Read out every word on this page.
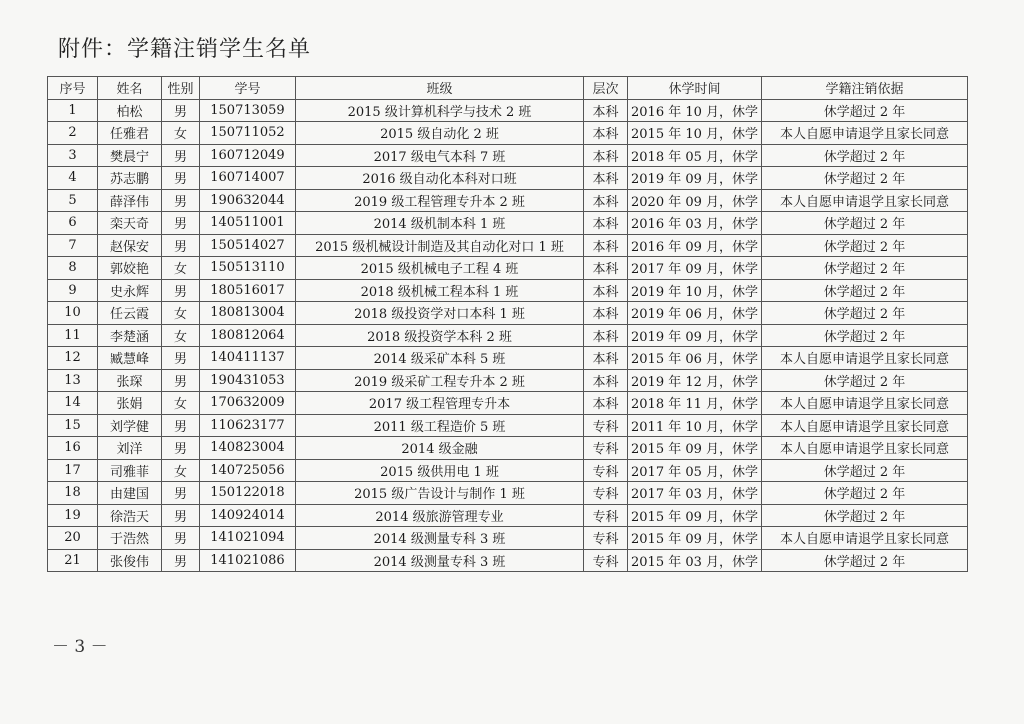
附件：学籍注销学生名单
序号	姓名	性别	学号	班级	层次	休学时间	学籍注销依据
1	柏松	男	150713059	2015 级计算机科学与技术 2 班	本科	2016 年 10 月，休学	休学超过 2 年
2	任雅君	女	150711052	2015 级自动化 2 班	本科	2015 年 10 月，休学	本人自愿申请退学且家长同意
3	樊晨宁	男	160712049	2017 级电气本科 7 班	本科	2018 年 05 月，休学	休学超过 2 年
4	苏志鹏	男	160714007	2016 级自动化本科对口班	本科	2019 年 09 月，休学	休学超过 2 年
5	薛泽伟	男	190632044	2019 级工程管理专升本 2 班	本科	2020 年 09 月，休学	本人自愿申请退学且家长同意
6	栾天奇	男	140511001	2014 级机制本科 1 班	本科	2016 年 03 月，休学	休学超过 2 年
7	赵保安	男	150514027	2015 级机械设计制造及其自动化对口 1 班	本科	2016 年 09 月，休学	休学超过 2 年
8	郭姣艳	女	150513110	2015 级机械电子工程 4 班	本科	2017 年 09 月，休学	休学超过 2 年
9	史永辉	男	180516017	2018 级机械工程本科 1 班	本科	2019 年 10 月，休学	休学超过 2 年
10	任云霞	女	180813004	2018 级投资学对口本科 1 班	本科	2019 年 06 月，休学	休学超过 2 年
11	李楚涵	女	180812064	2018 级投资学本科 2 班	本科	2019 年 09 月，休学	休学超过 2 年
12	臧慧峰	男	140411137	2014 级采矿本科 5 班	本科	2015 年 06 月，休学	本人自愿申请退学且家长同意
13	张琛	男	190431053	2019 级采矿工程专升本 2 班	本科	2019 年 12 月，休学	休学超过 2 年
14	张娟	女	170632009	2017 级工程管理专升本	本科	2018 年 11 月，休学	本人自愿申请退学且家长同意
15	刘学健	男	110623177	2011 级工程造价 5 班	专科	2011 年 10 月，休学	本人自愿申请退学且家长同意
16	刘洋	男	140823004	2014 级金融	专科	2015 年 09 月，休学	本人自愿申请退学且家长同意
17	司雅菲	女	140725056	2015 级供用电 1 班	专科	2017 年 05 月，休学	休学超过 2 年
18	由建国	男	150122018	2015 级广告设计与制作 1 班	专科	2017 年 03 月，休学	休学超过 2 年
19	徐浩天	男	140924014	2014 级旅游管理专业	专科	2015 年 09 月，休学	休学超过 2 年
20	于浩然	男	141021094	2014 级测量专科 3 班	专科	2015 年 09 月，休学	本人自愿申请退学且家长同意
21	张俊伟	男	141021086	2014 级测量专科 3 班	专科	2015 年 03 月，休学	休学超过 2 年
－ 3 －
